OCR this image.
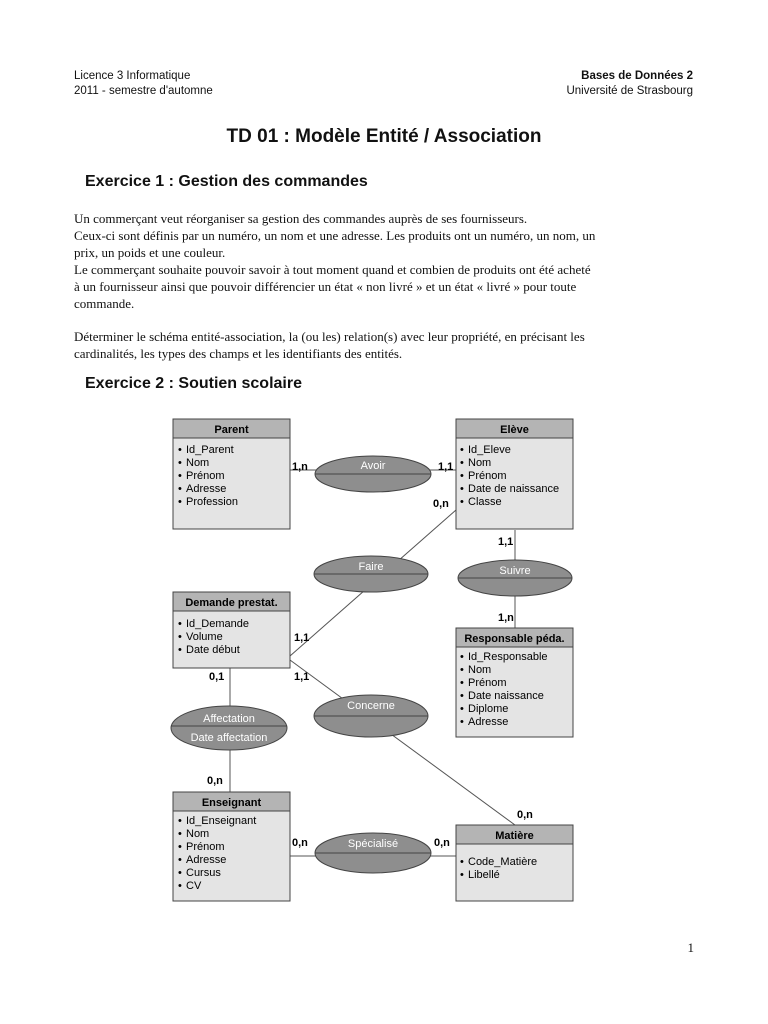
Licence 3 Informatique
2011 - semestre d'automne
Bases de Données 2
Université de Strasbourg
TD 01 : Modèle Entité / Association
Exercice 1 : Gestion des commandes
Un commerçant veut réorganiser sa gestion des commandes auprès de ses fournisseurs.
Ceux-ci sont définis par un numéro, un nom et une adresse. Les produits ont un numéro, un nom, un
prix, un poids et une couleur.
Le commerçant souhaite pouvoir savoir à tout moment quand et combien de produits ont été acheté
à un fournisseur ainsi que pouvoir différencier un état « non livré » et un état « livré » pour toute
commande.
Déterminer le schéma entité-association, la (ou les) relation(s) avec leur propriété, en précisant les
cardinalités, les types des champs et les identifiants des entités.
Exercice 2 : Soutien scolaire
Parent
• Id_Parent
• Nom
• Prénom
• Adresse
• Profession
Elève
• Id_Eleve
• Nom
• Prénom
• Date de naissance
• Classe
Demande prestat.
• Id_Demande
• Volume
• Date début
Responsable péda.
• Id_Responsable
• Nom
• Prénom
• Date naissance
• Diplome
• Adresse
Enseignant
• Id_Enseignant
• Nom
• Prénom
• Adresse
• Cursus
• CV
Matière
• Code_Matière
• Libellé
Avoir
Faire	Suivre
Concerne
Affectation
Date affectation
Spécialisé
1,n	1,1
0,n
1,1
1,n
1,1
1,1
0,1
0,n
0,n	0,n
0,n
1
